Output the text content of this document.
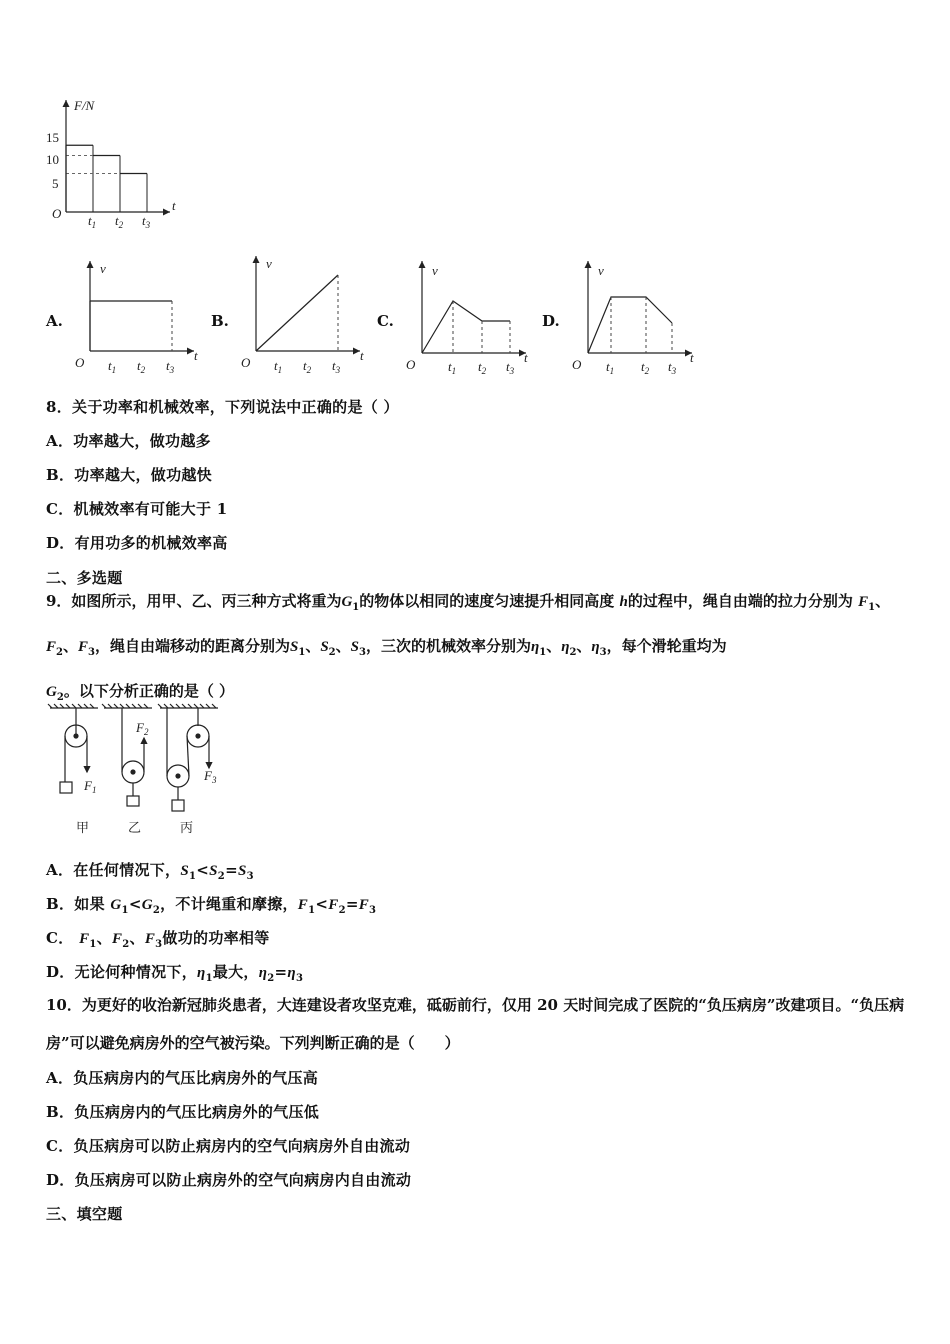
F/N
15
10
5
O
t
$t_1$ $t_2$ $t_3$
A.
v
t
O $t_1$ $t_2$ $t_3$
B.
v
t
O $t_1$ $t_2$ $t_3$
C.
v
t
O	$t_1$ $t_2$ $t_3$
D.
v
t
O $t_1$ $t_2$ $t_3$
8．关于功率和机械效率，下列说法中正确的是（ ）
A．功率越大，做功越多
B．功率越大，做功越快
C．机械效率有可能大于 1
D．有用功多的机械效率高
二、多选题
9．如图所示，用甲、乙、丙三种方式将重为$G_1$的物体以相同的速度匀速提升相同高度 h的过程中，绳自由端的拉力分别为 $F_1$、$F_2$、$F_3$，绳自由端移动的距离分别为$S_1$、$S_2$、$S_3$，三次的机械效率分别为$\eta_1$、$\eta_2$、$\eta_3$，每个滑轮重均为$G_2$。以下分析正确的是（ ）
$F_1$
$F_2$
$F_3$
甲	乙	丙
A．在任何情况下，$S_1<S_2=S_3$
B．如果 $G_1<G_2$，不计绳重和摩擦，$F_1<F_2=F_3$
C． $F_1$、$F_2$、$F_3$做功的功率相等
D．无论何种情况下，$\eta_1$最大，$\eta_2=\eta_3$
10．为更好的收治新冠肺炎患者，大连建设者攻坚克难，砥砺前行，仅用 20 天时间完成了医院的“负压病房”改建项目。“负压病房”可以避免病房外的空气被污染。下列判断正确的是（　　）
A．负压病房内的气压比病房外的气压高
B．负压病房内的气压比病房外的气压低
C．负压病房可以防止病房内的空气向病房外自由流动
D．负压病房可以防止病房外的空气向病房内自由流动
三、填空题
